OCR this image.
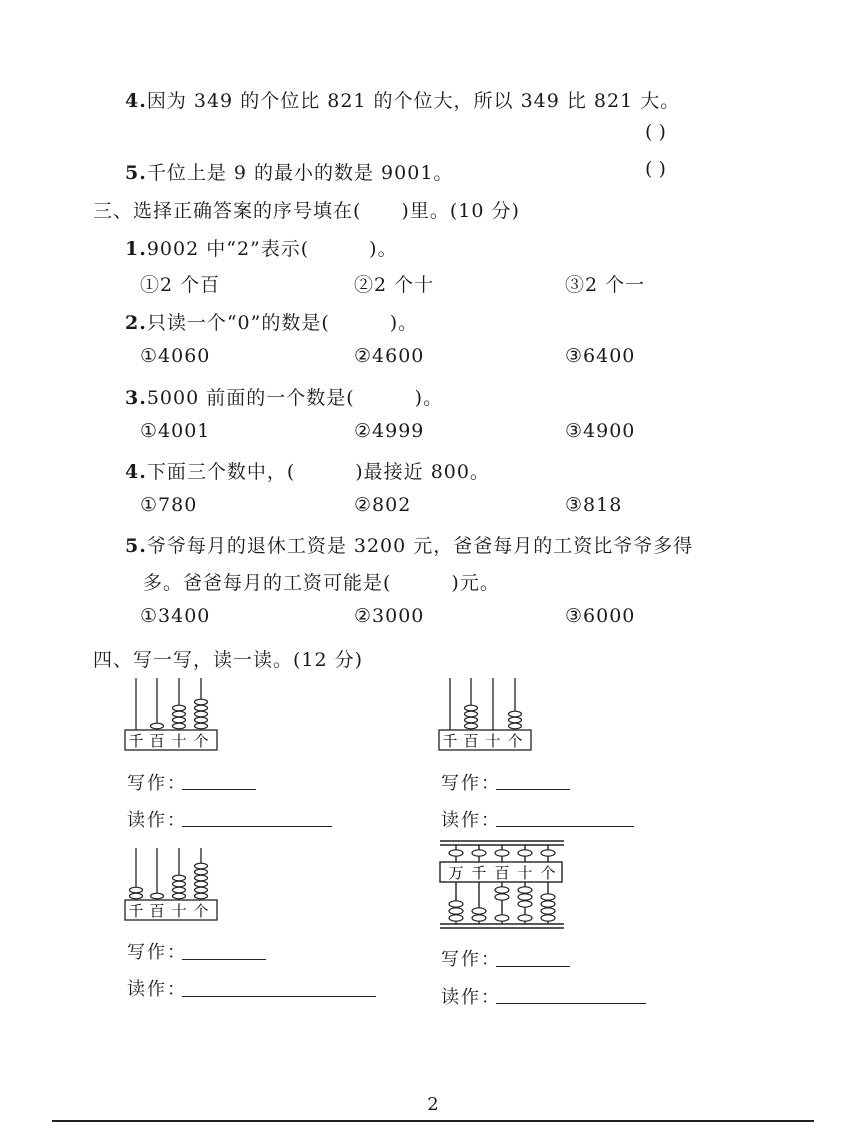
4.因为 349 的个位比 821 的个位大，所以 349 比 821 大。
( )
5.千位上是 9 的最小的数是 9001。	( )
三、选择正确答案的序号填在(　　)里。(10 分)
1.9002 中“2”表示(　　　)。
①2 个百	②2 个十	③2 个一
2.只读一个“0”的数是(　　　)。
①4060	②4600	③6400
3.5000 前面的一个数是(　　　)。
①4001	②4999	③4900
4.下面三个数中，(　　　)最接近 800。
①780	②802	③818
5.爷爷每月的退休工资是 3200 元，爸爸每月的工资比爷爷多得
多。爸爸每月的工资可能是(　　　)元。
①3400	②3000	③6000
四、写一写，读一读。(12 分)
千 百 十 个
写作：
读作：
千 百 十 个
写作：
读作：
千 百 十 个
写作：
读作：
万 千 百 十 个
写作：
读作：
2
